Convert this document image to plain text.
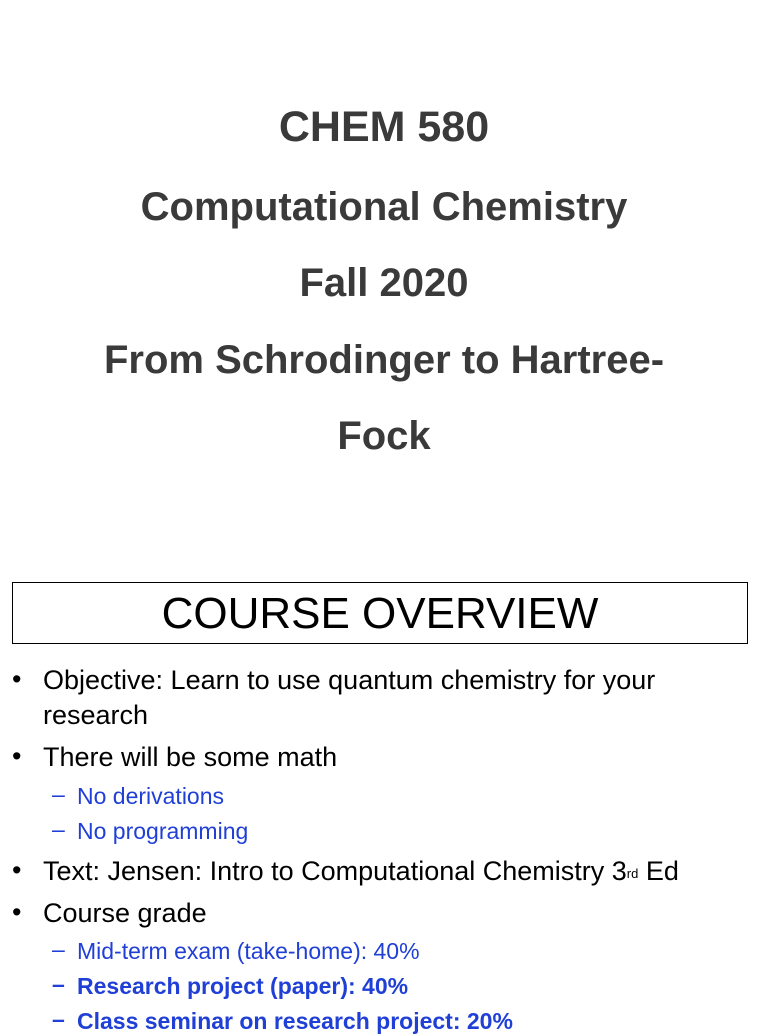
CHEM 580
Computational Chemistry
Fall 2020
From Schrodinger to Hartree-
Fock
COURSE OVERVIEW
• Objective: Learn to use quantum chemistry for your
research
• There will be some math
– No derivations
– No programming
• Text: Jensen: Intro to Computational Chemistry 3rd Ed
• Course grade
– Mid-term exam (take-home): 40%
– Research project (paper): 40%
– Class seminar on research project: 20%
